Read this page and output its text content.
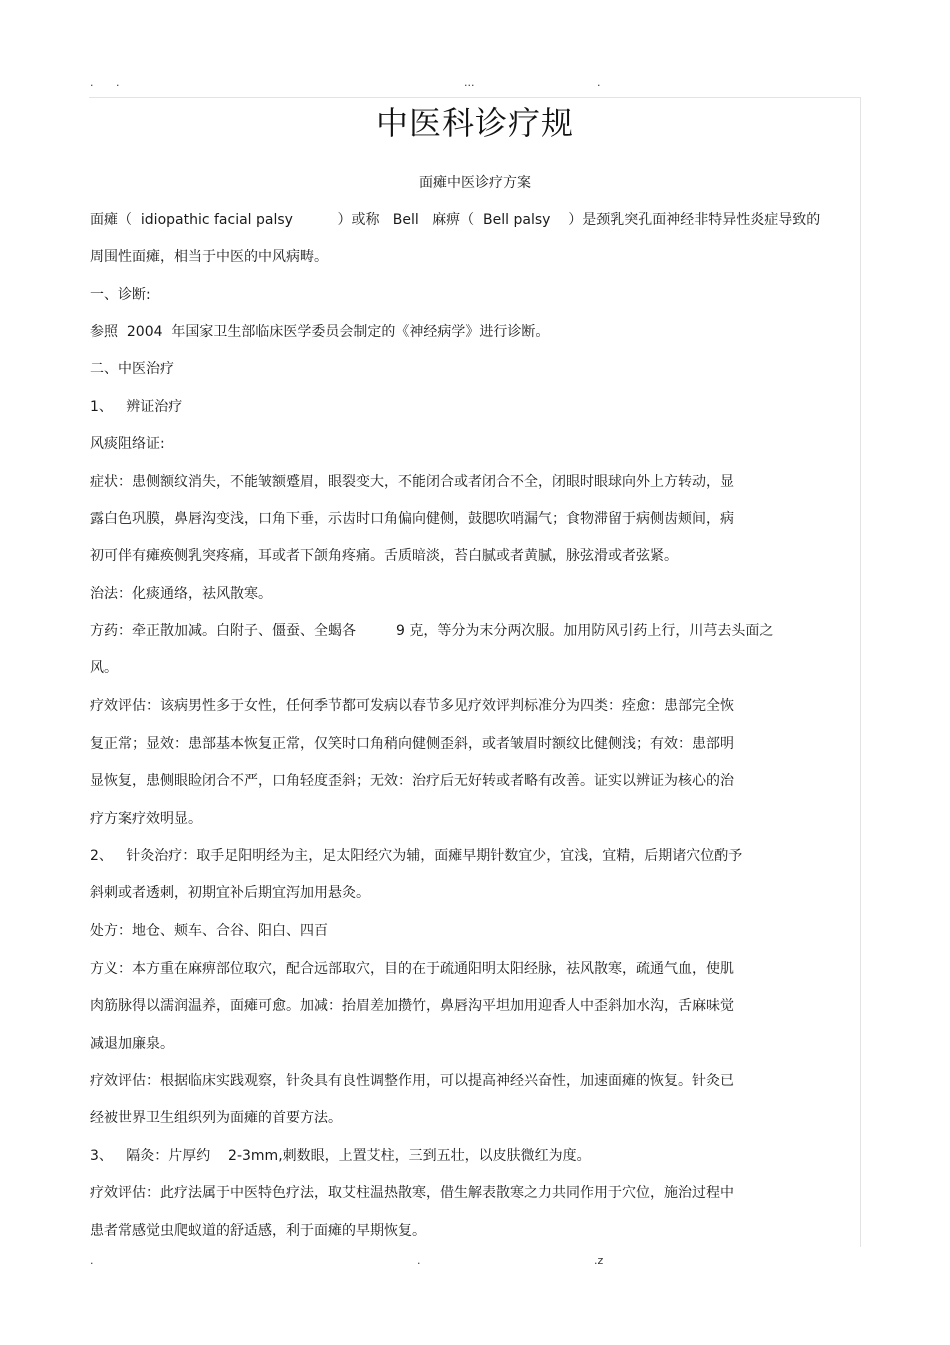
. .	...	.
中医科诊疗规
面瘫中医诊疗方案
面瘫（  idiopathic facial palsy          ）或称   Bell   麻痹（  Bell palsy    ）是颈乳突孔面神经非特异性炎症导致的
周围性面瘫，相当于中医的中风病畴。
一、诊断:
参照  2004  年国家卫生部临床医学委员会制定的《神经病学》进行诊断。
二、中医治疗
1、   辨证治疗
风痰阻络证:
症状：患侧额纹消失，不能皱额蹙眉，眼裂变大，不能闭合或者闭合不全，闭眼时眼球向外上方转动，显
露白色巩膜，鼻唇沟变浅，口角下垂，示齿时口角偏向健侧，鼓腮吹哨漏气；食物滞留于病侧齿颊间，病
初可伴有瘫痪侧乳突疼痛，耳或者下颌角疼痛。舌质暗淡，苔白腻或者黄腻，脉弦滑或者弦紧。
治法：化痰通络，祛风散寒。
方药：牵正散加减。白附子、僵蚕、全蝎各         9 克，等分为末分两次服。加用防风引药上行，川芎去头面之
风。
疗效评估：该病男性多于女性，任何季节都可发病以春节多见疗效评判标准分为四类：痊愈：患部完全恢
复正常；显效：患部基本恢复正常，仅笑时口角稍向健侧歪斜，或者皱眉时额纹比健侧浅；有效：患部明
显恢复，患侧眼睑闭合不严，口角轻度歪斜；无效：治疗后无好转或者略有改善。证实以辨证为核心的治
疗方案疗效明显。
2、   针灸治疗：取手足阳明经为主，足太阳经穴为辅，面瘫早期针数宜少，宜浅，宜精，后期诸穴位酌予
斜刺或者透刺，初期宜补后期宜泻加用悬灸。
处方：地仓、颊车、合谷、阳白、四百
方义：本方重在麻痹部位取穴，配合远部取穴，目的在于疏通阳明太阳经脉，祛风散寒，疏通气血，使肌
肉筋脉得以濡润温养，面瘫可愈。加减：抬眉差加攒竹，鼻唇沟平坦加用迎香人中歪斜加水沟，舌麻味觉
减退加廉泉。
疗效评估：根据临床实践观察，针灸具有良性调整作用，可以提高神经兴奋性，加速面瘫的恢复。针灸已
经被世界卫生组织列为面瘫的首要方法。
3、   隔灸：片厚约    2-3mm,刺数眼，上置艾柱，三到五壮，以皮肤微红为度。
疗效评估：此疗法属于中医特色疗法，取艾柱温热散寒，借生解表散寒之力共同作用于穴位，施治过程中
患者常感觉虫爬蚁道的舒适感，利于面瘫的早期恢复。
.	.	.z
